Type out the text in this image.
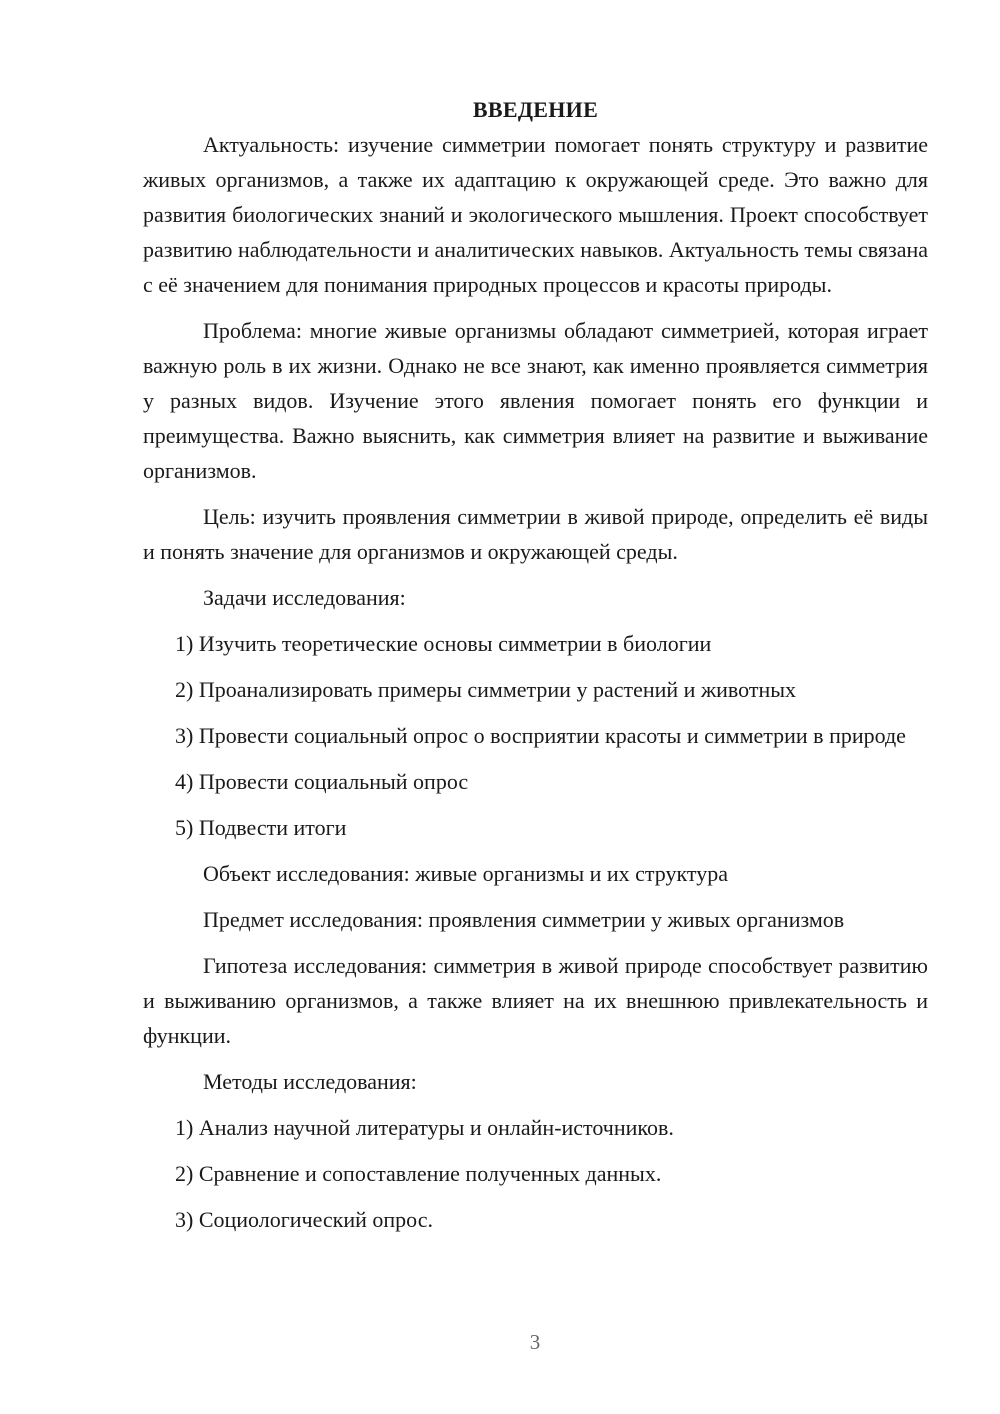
ВВЕДЕНИЕ

Актуальность: изучение симметрии помогает понять структуру и развитие живых организмов, а также их адаптацию к окружающей среде. Это важно для развития биологических знаний и экологического мышления. Проект способствует развитию наблюдательности и аналитических навыков. Актуальность темы связана с её значением для понимания природных процессов и красоты природы.

Проблема: многие живые организмы обладают симметрией, которая играет важную роль в их жизни. Однако не все знают, как именно проявляется симметрия у разных видов. Изучение этого явления помогает понять его функции и преимущества. Важно выяснить, как симметрия влияет на развитие и выживание организмов.

Цель: изучить проявления симметрии в живой природе, определить её виды и понять значение для организмов и окружающей среды.

Задачи исследования:

1) Изучить теоретические основы симметрии в биологии

2) Проанализировать примеры симметрии у растений и животных

3) Провести социальный опрос о восприятии красоты и симметрии в природе

4) Провести социальный опрос

5) Подвести итоги

Объект исследования: живые организмы и их структура

Предмет исследования: проявления симметрии у живых организмов

Гипотеза исследования: симметрия в живой природе способствует развитию и выживанию организмов, а также влияет на их внешнюю привлекательность и функции.

Методы исследования:

1) Анализ научной литературы и онлайн-источников.

2) Сравнение и сопоставление полученных данных.

3) Социологический опрос.

3
